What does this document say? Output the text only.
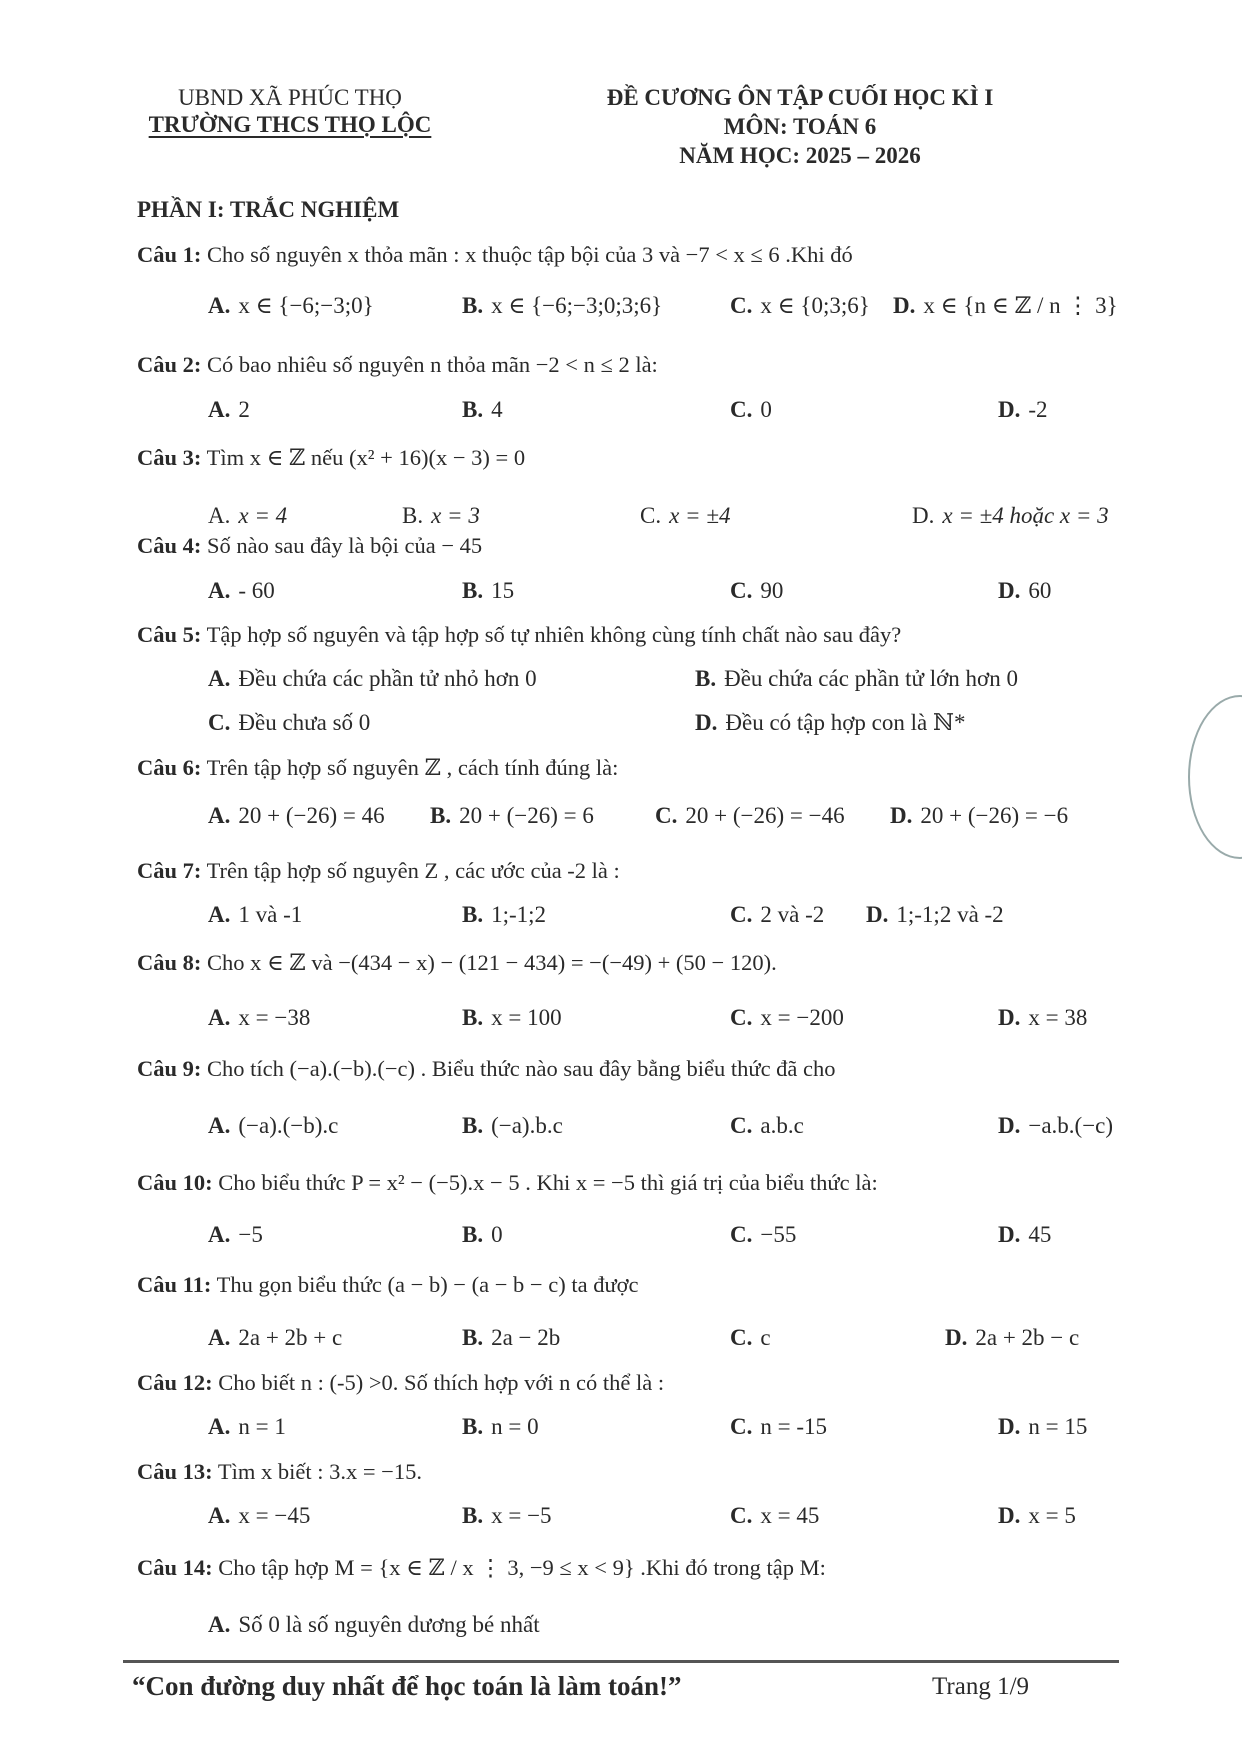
UBND XÃ PHÚC THỌ
TRƯỜNG THCS THỌ LỘC
ĐỀ CƯƠNG ÔN TẬP CUỐI HỌC KÌ I
MÔN: TOÁN 6
NĂM HỌC: 2025 – 2026
PHẦN I: TRẮC NGHIỆM
Câu 1: Cho số nguyên x thỏa mãn : x thuộc tập bội của 3 và −7 < x ≤ 6 .Khi đó
A. x ∈ {−6;−3;0}	B. x ∈ {−6;−3;0;3;6}	C. x ∈ {0;3;6} D. x ∈ {n ∈ ℤ / n ⋮ 3}
Câu 2: Có bao nhiêu số nguyên n thỏa mãn −2 < n ≤ 2 là:
A. 2	B. 4	C. 0	D. -2
Câu 3: Tìm x ∈ ℤ nếu (x² + 16)(x − 3) = 0
A. x = 4	B. x = 3	C. x = ±4	D. x = ±4 hoặc x = 3
Câu 4: Số nào sau đây là bội của − 45
A. - 60	B. 15	C. 90	D. 60
Câu 5: Tập hợp số nguyên và tập hợp số tự nhiên không cùng tính chất nào sau đây?
A. Đều chứa các phần tử nhỏ hơn 0	B. Đều chứa các phần tử lớn hơn 0
C. Đều chưa số 0	D. Đều có tập hợp con là ℕ*
Câu 6: Trên tập hợp số nguyên ℤ , cách tính đúng là:
A. 20 + (−26) = 46 B. 20 + (−26) = 6	C. 20 + (−26) = −46 D. 20 + (−26) = −6
Câu 7: Trên tập hợp số nguyên Z , các ước của -2 là :
A. 1 và -1	B. 1;-1;2	C. 2 và -2 D. 1;-1;2 và -2
Câu 8: Cho x ∈ ℤ và −(434 − x) − (121 − 434) = −(−49) + (50 − 120).
A. x = −38	B. x = 100	C. x = −200	D. x = 38
Câu 9: Cho tích (−a).(−b).(−c) . Biểu thức nào sau đây bằng biểu thức đã cho
A. (−a).(−b).c	B. (−a).b.c	C. a.b.c	D. −a.b.(−c)
Câu 10: Cho biểu thức P = x² − (−5).x − 5 . Khi x = −5 thì giá trị của biểu thức là:
A. −5	B. 0	C. −55	D. 45
Câu 11: Thu gọn biểu thức (a − b) − (a − b − c) ta được
A. 2a + 2b + c	B. 2a − 2b	C. c	D. 2a + 2b − c
Câu 12: Cho biết n : (-5) >0. Số thích hợp với n có thể là :
A. n = 1	B. n = 0	C. n = -15	D. n = 15
Câu 13: Tìm x biết : 3.x = −15.
A. x = −45	B. x = −5	C. x = 45	D. x = 5
Câu 14: Cho tập hợp M = {x ∈ ℤ / x ⋮ 3, −9 ≤ x < 9} .Khi đó trong tập M:
A. Số 0 là số nguyên dương bé nhất
“Con đường duy nhất để học toán là làm toán!”	Trang 1/9
